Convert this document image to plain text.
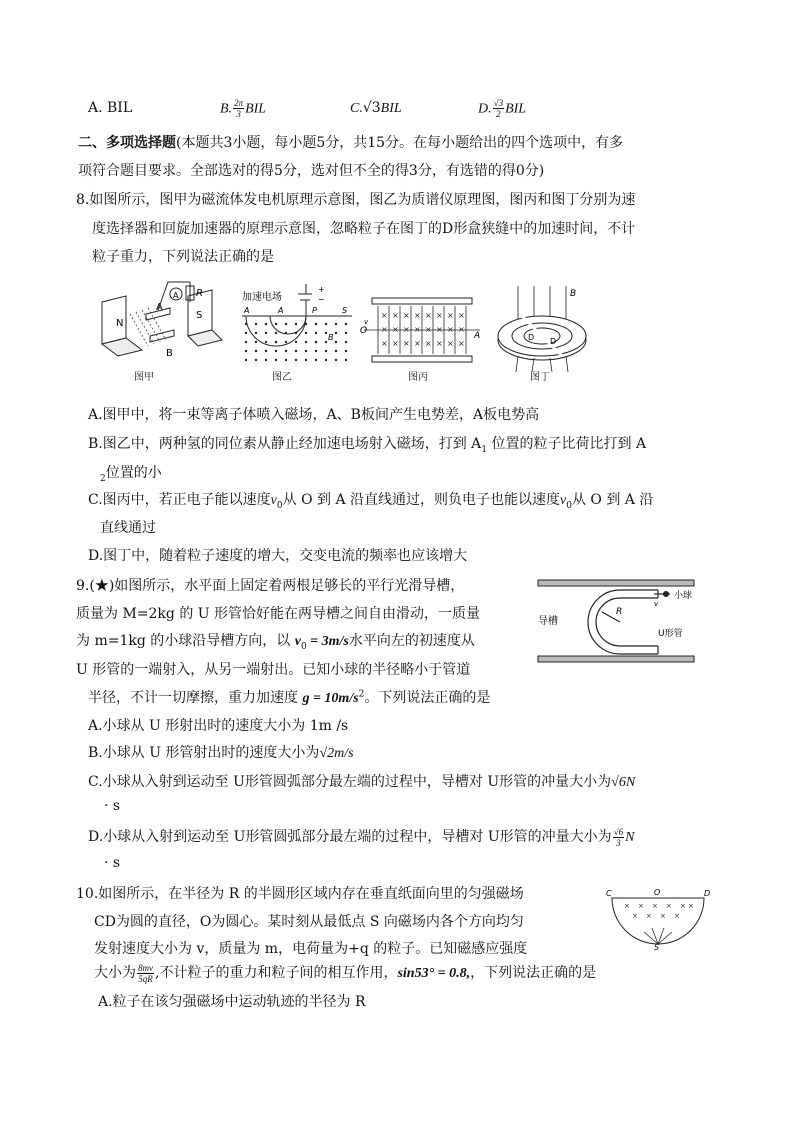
A. BIL	B. $\frac{2\pi}{3}$ BIL	C.√3BIL	D. $\frac{√3}{2}$ BIL
二、多项选择题(本题共3小题，每小题5分，共15分。在每小题给出的四个选项中，有多
项符合题目要求。全部选对的得5分，选对但不全的得3分，有选错的得0分)
8.如图所示，图甲为磁流体发电机原理示意图，图乙为质谱仪原理图，图丙和图丁分别为速
度选择器和回旋加速器的原理示意图，忽略粒子在图丁的D形盒狭缝中的加速时间，不计
粒子重力，下列说法正确的是
N
S
A
B
R
A
图甲
加速电场
+
−
A	A	P	S
B
图乙
× × × × × × × ×
× × × × × × × ×
× × × × × × × ×
O	A
v
图丙
B
D D
图丁
A.图甲中，将一束等离子体喷入磁场，A、B板间产生电势差，A板电势高
B.图乙中，两种氢的同位素从静止经加速电场射入磁场，打到 $A_1$ 位置的粒子比荷比打到 A
$_2$位置的小
C.图丙中，若正电子能以速度$v_0$从 O 到 A 沿直线通过，则负电子也能以速度$v_0$从 O 到 A 沿
直线通过
D.图丁中，随着粒子速度的增大，交变电流的频率也应该增大
9.(★)如图所示，水平面上固定着两根足够长的平行光滑导槽，
质量为 M=2kg 的 U 形管恰好能在两导槽之间自由滑动，一质量
为 m=1kg 的小球沿导槽方向，以 $v_0 = 3m/s$水平向左的初速度从
U 形管的一端射入，从另一端射出。已知小球的半径略小于管道
半径，不计一切摩擦，重力加速度 $g = 10m/s^2$。下列说法正确的是
导槽
小球
U形管
R
v
A.小球从 U 形射出时的速度大小为 1m /s
B.小球从 U 形管射出时的速度大小为√2m/s
C.小球从入射到运动至 U形管圆弧部分最左端的过程中，导槽对 U形管的冲量大小为√6N
· s
D.小球从入射到运动至 U形管圆弧部分最左端的过程中，导槽对 U形管的冲量大小为 $\frac{√6}{3}$ N
· s
10.如图所示，在半径为 R 的半圆形区域内存在垂直纸面向里的匀强磁场
CD为圆的直径，O为圆心。某时刻从最低点 S 向磁场内各个方向均匀
发射速度大小为 v，质量为 m，电荷量为+q 的粒子。已知磁感应强度
大小为 $\frac{8mv}{5qR}$ ,不计粒子的重力和粒子间的相互作用，sin53° = 0.8,，下列说法正确的是
× × × × ×
× × × ×
×
C	O	D
S
A.粒子在该匀强磁场中运动轨迹的半径为 R
